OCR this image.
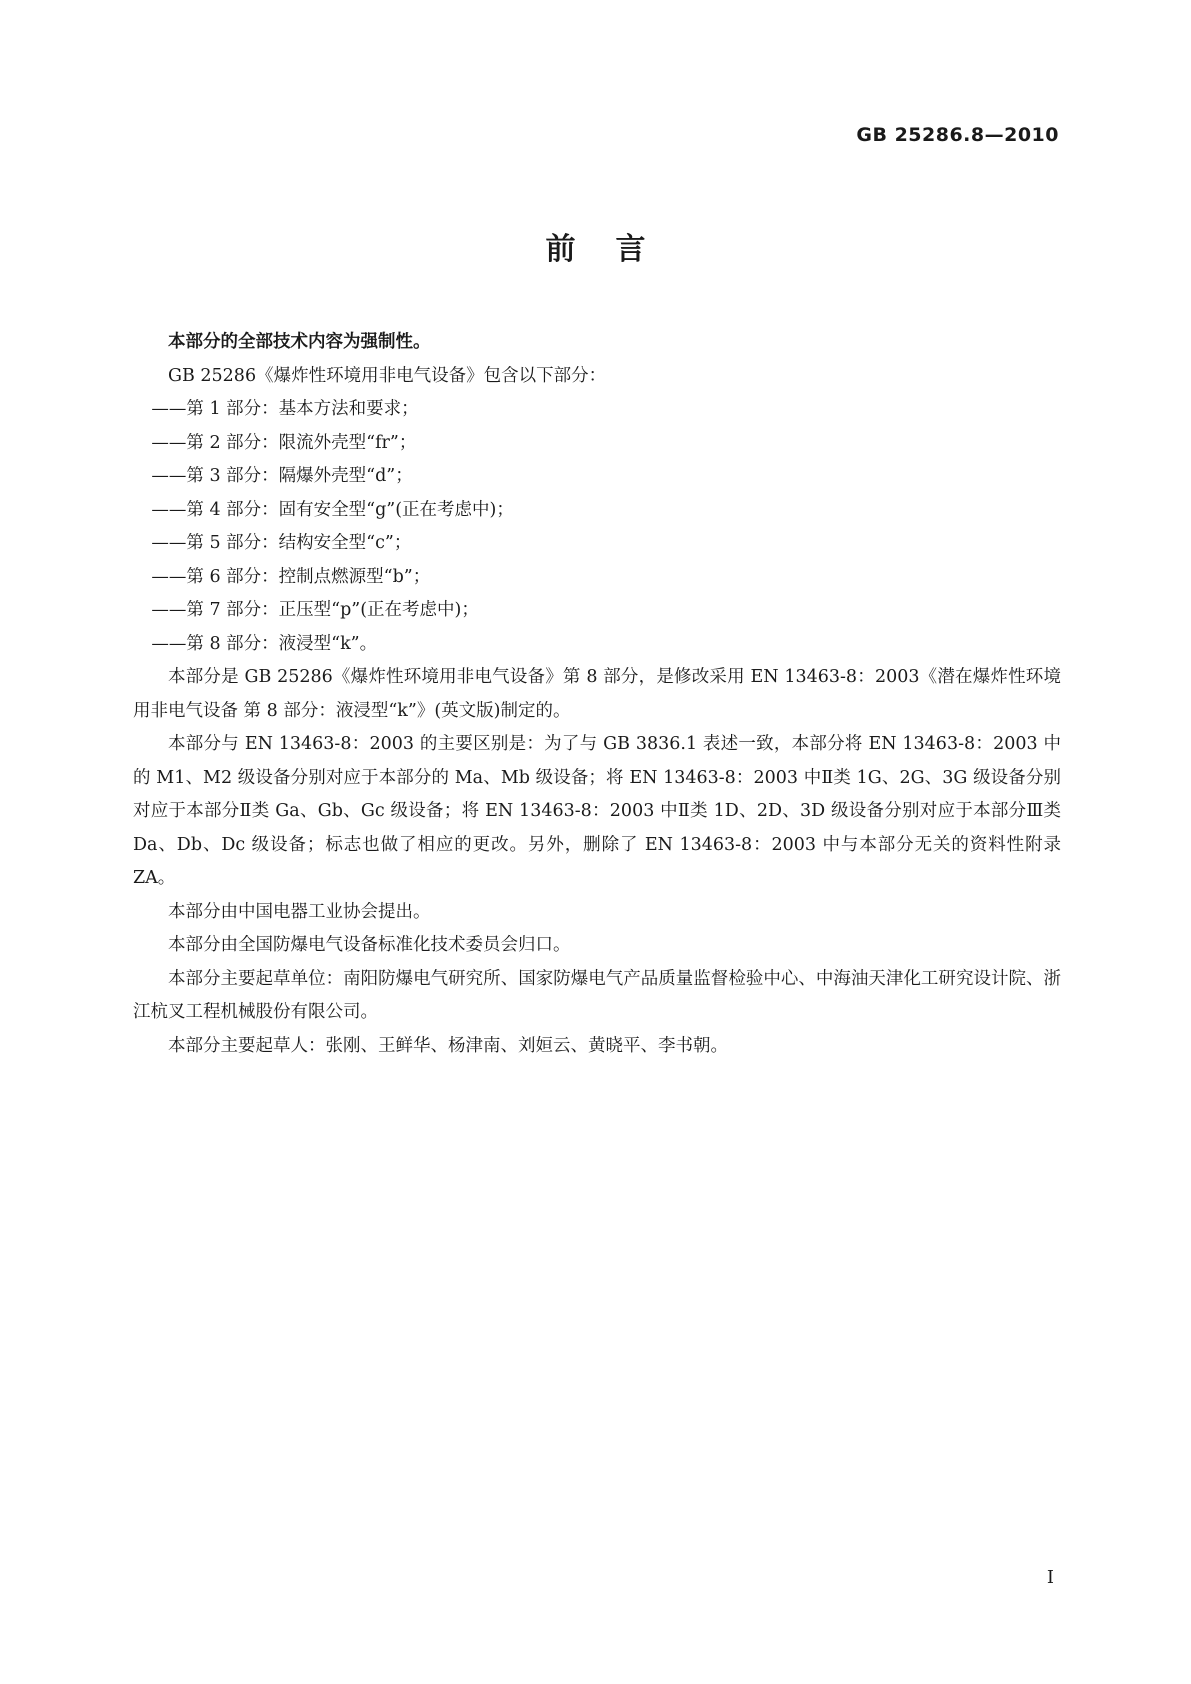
GB 25286.8—2010

前言

本部分的全部技术内容为强制性。

GB 25286《爆炸性环境用非电气设备》包含以下部分：

——第 1 部分：基本方法和要求；
——第 2 部分：限流外壳型“fr”；
——第 3 部分：隔爆外壳型“d”；
——第 4 部分：固有安全型“g”(正在考虑中)；
——第 5 部分：结构安全型“c”；
——第 6 部分：控制点燃源型“b”；
——第 7 部分：正压型“p”(正在考虑中)；
——第 8 部分：液浸型“k”。

本部分是 GB 25286《爆炸性环境用非电气设备》第 8 部分，是修改采用 EN 13463-8：2003《潜在爆炸性环境用非电气设备 第 8 部分：液浸型“k”》(英文版)制定的。

本部分与 EN 13463-8：2003 的主要区别是：为了与 GB 3836.1 表述一致，本部分将 EN 13463-8：2003 中的 M1、M2 级设备分别对应于本部分的 Ma、Mb 级设备；将 EN 13463-8：2003 中Ⅱ类 1G、2G、3G 级设备分别对应于本部分Ⅱ类 Ga、Gb、Gc 级设备；将 EN 13463-8：2003 中Ⅱ类 1D、2D、3D 级设备分别对应于本部分Ⅲ类 Da、Db、Dc 级设备；标志也做了相应的更改。另外，删除了 EN 13463-8：2003 中与本部分无关的资料性附录 ZA。

本部分由中国电器工业协会提出。

本部分由全国防爆电气设备标准化技术委员会归口。

本部分主要起草单位：南阳防爆电气研究所、国家防爆电气产品质量监督检验中心、中海油天津化工研究设计院、浙江杭叉工程机械股份有限公司。

本部分主要起草人：张刚、王鲜华、杨津南、刘姮云、黄晓平、李书朝。

I
